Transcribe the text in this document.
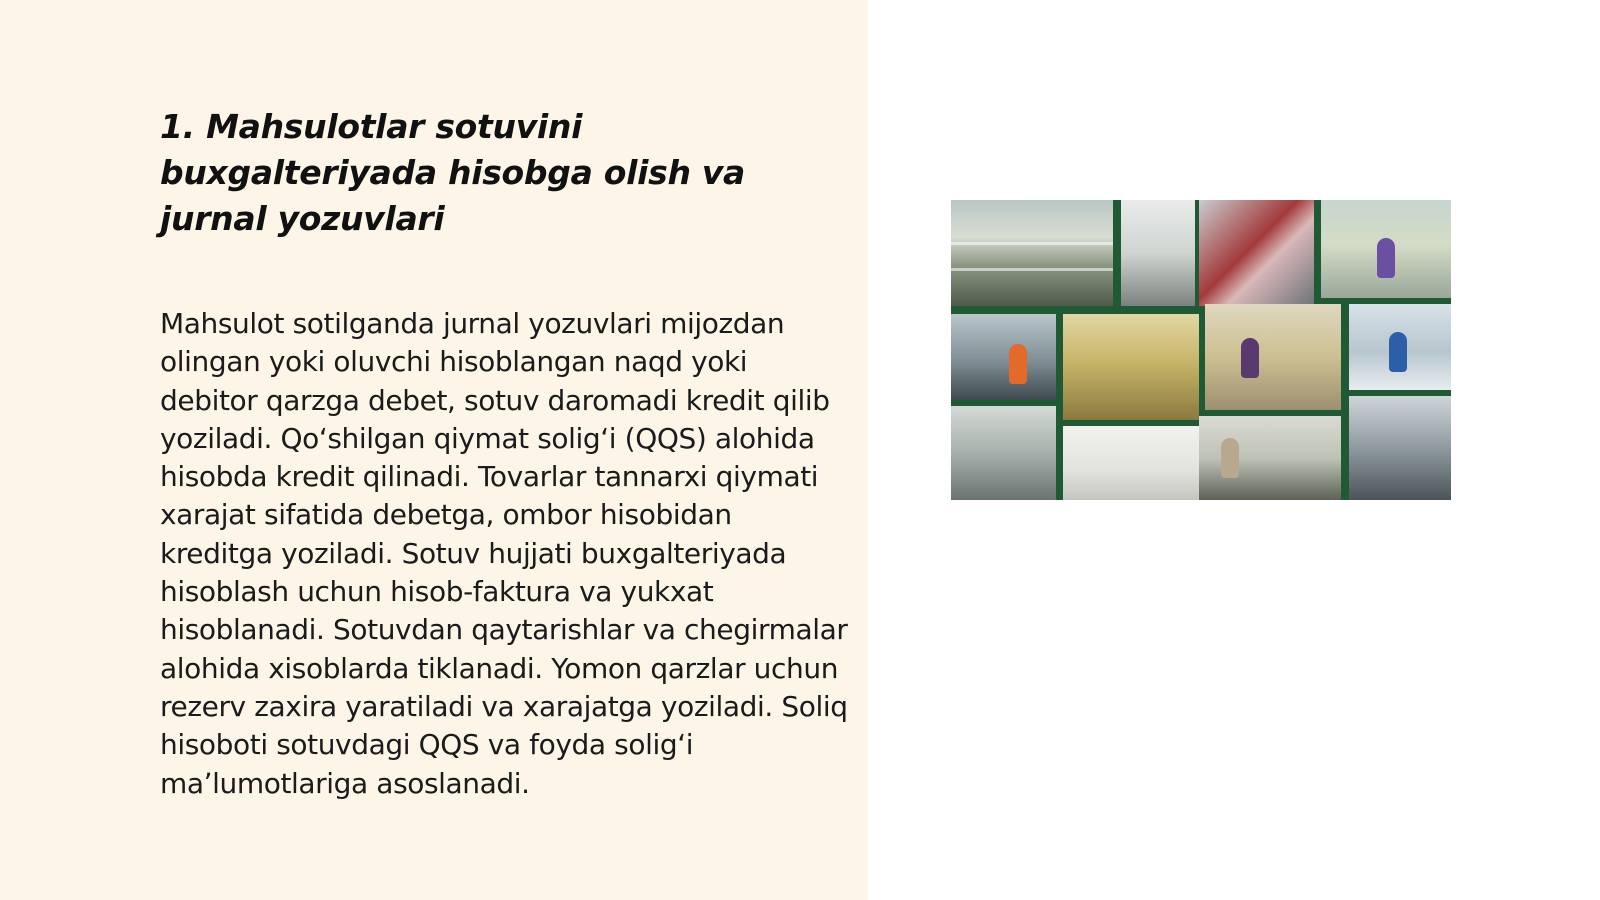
1. Mahsulotlar sotuvini buxgalteriyada hisobga olish va jurnal yozuvlari

Mahsulot sotilganda jurnal yozuvlari mijozdan olingan yoki oluvchi hisoblangan naqd yoki debitor qarzga debet, sotuv daromadi kredit qilib yoziladi. Qoʻshilgan qiymat soligʻi (QQS) alohida hisobda kredit qilinadi. Tovarlar tannarxi qiymati xarajat sifatida debetga, ombor hisobidan kreditga yoziladi. Sotuv hujjati buxgalteriyada hisoblash uchun hisob-faktura va yukxat hisoblanadi. Sotuvdan qaytarishlar va chegirmalar alohida xisoblarda tiklanadi. Yomon qarzlar uchun rezerv zaxira yaratiladi va xarajatga yoziladi. Soliq hisoboti sotuvdagi QQS va foyda soligʻi maʼlumotlariga asoslanadi.
